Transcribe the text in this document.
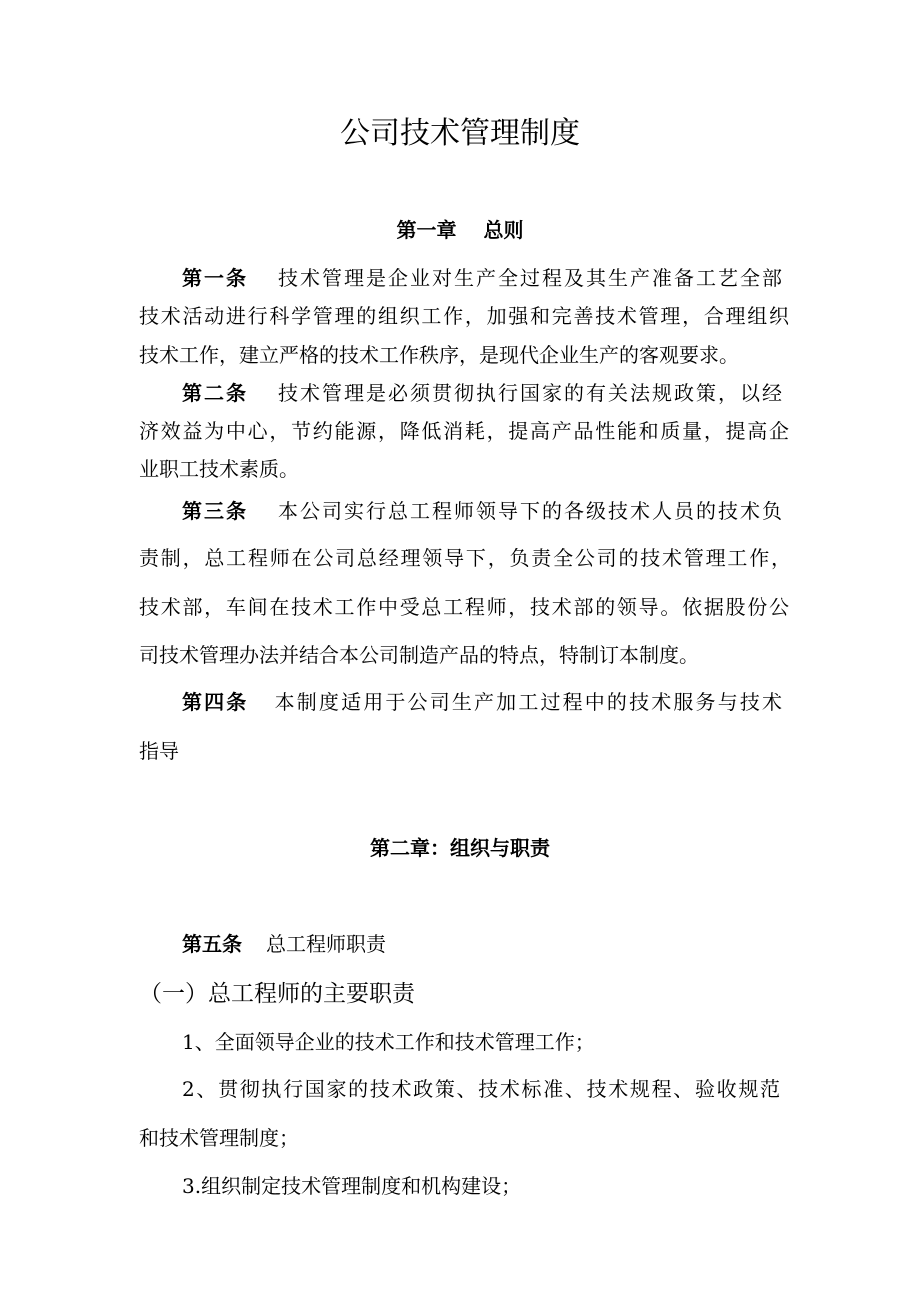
公司技术管理制度
第一章　 总则
第一条 技术管理是企业对生产全过程及其生产准备工艺全部
技术活动进行科学管理的组织工作，加强和完善技术管理，合理组织
技术工作，建立严格的技术工作秩序，是现代企业生产的客观要求。
第二条 技术管理是必须贯彻执行国家的有关法规政策，以经
济效益为中心，节约能源，降低消耗，提高产品性能和质量，提高企
业职工技术素质。
第三条 本公司实行总工程师领导下的各级技术人员的技术负
责制，总工程师在公司总经理领导下，负责全公司的技术管理工作，
技术部，车间在技术工作中受总工程师，技术部的领导。依据股份公
司技术管理办法并结合本公司制造产品的特点，特制订本制度。
第四条 本制度适用于公司生产加工过程中的技术服务与技术
指导
第二章：组织与职责
第五条 总工程师职责
（一）总工程师的主要职责
1、全面领导企业的技术工作和技术管理工作；
2、贯彻执行国家的技术政策、技术标准、技术规程、验收规范
和技术管理制度；
3.组织制定技术管理制度和机构建设；
